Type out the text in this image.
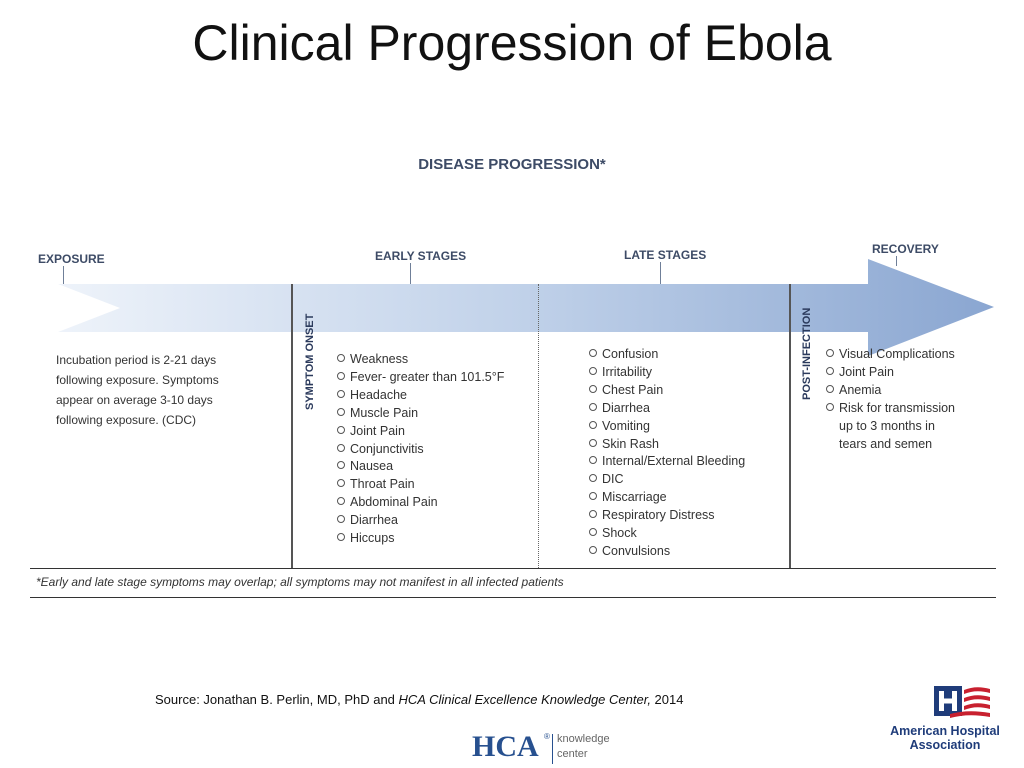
Clinical Progression of Ebola
DISEASE PROGRESSION*
EXPOSURE	EARLY STAGES	LATE STAGES	RECOVERY
SYMPTOM ONSET	POST-INFECTION
Incubation period is 2-21 days
following exposure. Symptoms
appear on average 3-10 days
following exposure. (CDC)
Weakness
Fever- greater than 101.5°F
Headache
Muscle Pain
Joint Pain
Conjunctivitis
Nausea
Throat Pain
Abdominal Pain
Diarrhea
Hiccups
Confusion
Irritability
Chest Pain
Diarrhea
Vomiting
Skin Rash
Internal/External Bleeding
DIC
Miscarriage
Respiratory Distress
Shock
Convulsions
Visual Complications
Joint Pain
Anemia
Risk for transmission
up to 3 months in
tears and semen
*Early and late stage symptoms may overlap; all symptoms may not manifest in all infected patients
Source: Jonathan B. Perlin, MD, PhD and HCA Clinical Excellence Knowledge Center, 2014
HCA ® knowledge
center
American Hospital
Association
